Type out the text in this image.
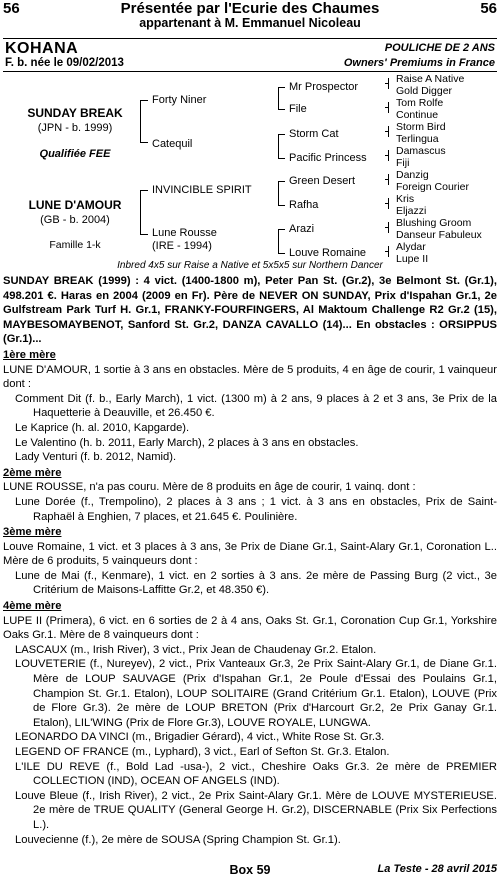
Présentée par l'Ecurie des Chaumes
56	56
appartenant à M. Emmanuel Nicoleau
KOHANA
F. b. née le 09/02/2013
POULICHE DE 2 ANS
Owners' Premiums in France
SUNDAY BREAK
(JPN - b. 1999)
Qualifiée FEE
LUNE D'AMOUR
(GB - b. 2004)
Famille 1-k
Forty Niner
Catequil
INVINCIBLE SPIRIT
Lune Rousse
(IRE - 1994)
Mr Prospector
File
Storm Cat
Pacific Princess
Green Desert
Rafha
Arazi
Louve Romaine
Raise A Native
Gold Digger
Tom Rolfe
Continue
Storm Bird
Terlingua
Damascus
Fiji
Danzig
Foreign Courier
Kris
Eljazzi
Blushing Groom
Danseur Fabuleux
Alydar
Lupe II
Inbred 4x5 sur Raise a Native et 5x5x5 sur Northern Dancer

SUNDAY BREAK (1999) : 4 vict. (1400-1800 m), Peter Pan St. (Gr.2), 3e Belmont St. (Gr.1), 498.201 €. Haras en 2004 (2009 en Fr). Père de NEVER ON SUNDAY, Prix d'Ispahan Gr.1, 2e Gulfstream Park Turf H. Gr.1, FRANKY-FOURFINGERS, Al Maktoum Challenge R2 Gr.2 (15), MAYBESOMAYBENOT, Sanford St. Gr.2, DANZA CAVALLO (14)... En obstacles : ORSIPPUS (Gr.1)...

1ère mère

LUNE D'AMOUR, 1 sortie à 3 ans en obstacles. Mère de 5 produits, 4 en âge de courir, 1 vainqueur dont :

Comment Dit (f. b., Early March), 1 vict. (1300 m) à 2 ans, 9 places à 2 et 3 ans, 3e Prix de la Haquetterie à Deauville, et 26.450 €.

Le Kaprice (h. al. 2010, Kapgarde).

Le Valentino (h. b. 2011, Early March), 2 places à 3 ans en obstacles.

Lady Venturi (f. b. 2012, Namid).

2ème mère

LUNE ROUSSE, n'a pas couru. Mère de 8 produits en âge de courir, 1 vainq. dont :

Lune Dorée (f., Trempolino), 2 places à 3 ans ; 1 vict. à 3 ans en obstacles, Prix de Saint-Raphaël à Enghien, 7 places, et 21.645 €. Poulinière.

3ème mère

Louve Romaine, 1 vict. et 3 places à 3 ans, 3e Prix de Diane Gr.1, Saint-Alary Gr.1, Coronation L.. Mère de 6 produits, 5 vainqueurs dont :

Lune de Mai (f., Kenmare), 1 vict. en 2 sorties à 3 ans. 2e mère de Passing Burg (2 vict., 3e Critérium de Maisons-Laffitte Gr.2, et 48.350 €).

4ème mère

LUPE II (Primera), 6 vict. en 6 sorties de 2 à 4 ans, Oaks St. Gr.1, Coronation Cup Gr.1, Yorkshire Oaks Gr.1. Mère de 8 vainqueurs dont :

LASCAUX (m., Irish River), 3 vict., Prix Jean de Chaudenay Gr.2. Etalon.

LOUVETERIE (f., Nureyev), 2 vict., Prix Vanteaux Gr.3, 2e Prix Saint-Alary Gr.1, de Diane Gr.1. Mère de LOUP SAUVAGE (Prix d'Ispahan Gr.1, 2e Poule d'Essai des Poulains Gr.1, Champion St. Gr.1. Etalon), LOUP SOLITAIRE (Grand Critérium Gr.1. Etalon), LOUVE (Prix de Flore Gr.3). 2e mère de LOUP BRETON (Prix d'Harcourt Gr.2, 2e Prix Ganay Gr.1. Etalon), LIL'WING (Prix de Flore Gr.3), LOUVE ROYALE, LUNGWA.

LEONARDO DA VINCI (m., Brigadier Gérard), 4 vict., White Rose St. Gr.3.

LEGEND OF FRANCE (m., Lyphard), 3 vict., Earl of Sefton St. Gr.3. Etalon.

L'ILE DU REVE (f., Bold Lad -usa-), 2 vict., Cheshire Oaks Gr.3. 2e mère de PREMIER COLLECTION (IND), OCEAN OF ANGELS (IND).

Louve Bleue (f., Irish River), 2 vict., 2e Prix Saint-Alary Gr.1. Mère de LOUVE MYSTERIEUSE. 2e mère de TRUE QUALITY (General George H. Gr.2), DISCERNABLE (Prix Six Perfections L.).

Louvecienne (f.), 2e mère de SOUSA (Spring Champion St. Gr.1).

Box 59	La Teste - 28 avril 2015
